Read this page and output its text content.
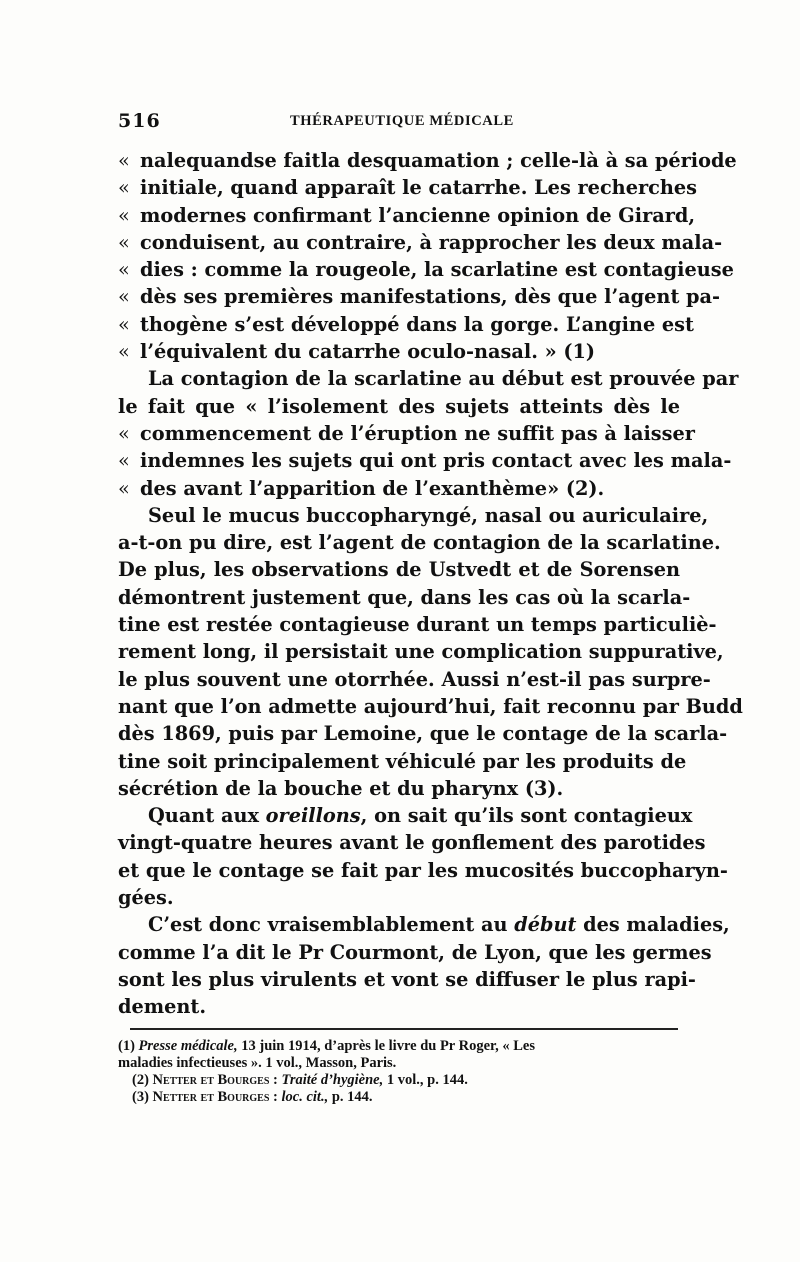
516	THÉRAPEUTIQUE MÉDICALE
« nalequandse faitla desquamation ; celle-là à sa période
« initiale, quand apparaît le catarrhe. Les recherches
« modernes confirmant l’ancienne opinion de Girard,
« conduisent, au contraire, à rapprocher les deux mala-
« dies : comme la rougeole, la scarlatine est contagieuse
« dès ses premières manifestations, dès que l’agent pa-
« thogène s’est développé dans la gorge. L’angine est
« l’équivalent du catarrhe oculo-nasal. » (1)
La contagion de la scarlatine au début est prouvée par
le fait que « l’isolement des sujets atteints dès le
« commencement de l’éruption ne suffit pas à laisser
« indemnes les sujets qui ont pris contact avec les mala-
« des avant l’apparition de l’exanthème» (2).
Seul le mucus buccopharyngé, nasal ou auriculaire,
a-t-on pu dire, est l’agent de contagion de la scarlatine.
De plus, les observations de Ustvedt et de Sorensen
démontrent justement que, dans les cas où la scarla-
tine est restée contagieuse durant un temps particuliè-
rement long, il persistait une complication suppurative,
le plus souvent une otorrhée. Aussi n’est-il pas surpre-
nant que l’on admette aujourd’hui, fait reconnu par Budd
dès 1869, puis par Lemoine, que le contage de la scarla-
tine soit principalement véhiculé par les produits de
sécrétion de la bouche et du pharynx (3).
Quant aux oreillons, on sait qu’ils sont contagieux
vingt-quatre heures avant le gonflement des parotides
et que le contage se fait par les mucosités buccopharyn-
gées.
C’est donc vraisemblablement au début des maladies,
comme l’a dit le Pr Courmont, de Lyon, que les germes
sont les plus virulents et vont se diffuser le plus rapi-
dement.
(1) Presse médicale, 13 juin 1914, d’après le livre du Pr Roger, « Les
maladies infectieuses ». 1 vol., Masson, Paris.
(2) Netter et Bourges : Traité d’hygiène, 1 vol., p. 144.
(3) Netter et Bourges : loc. cit., p. 144.
